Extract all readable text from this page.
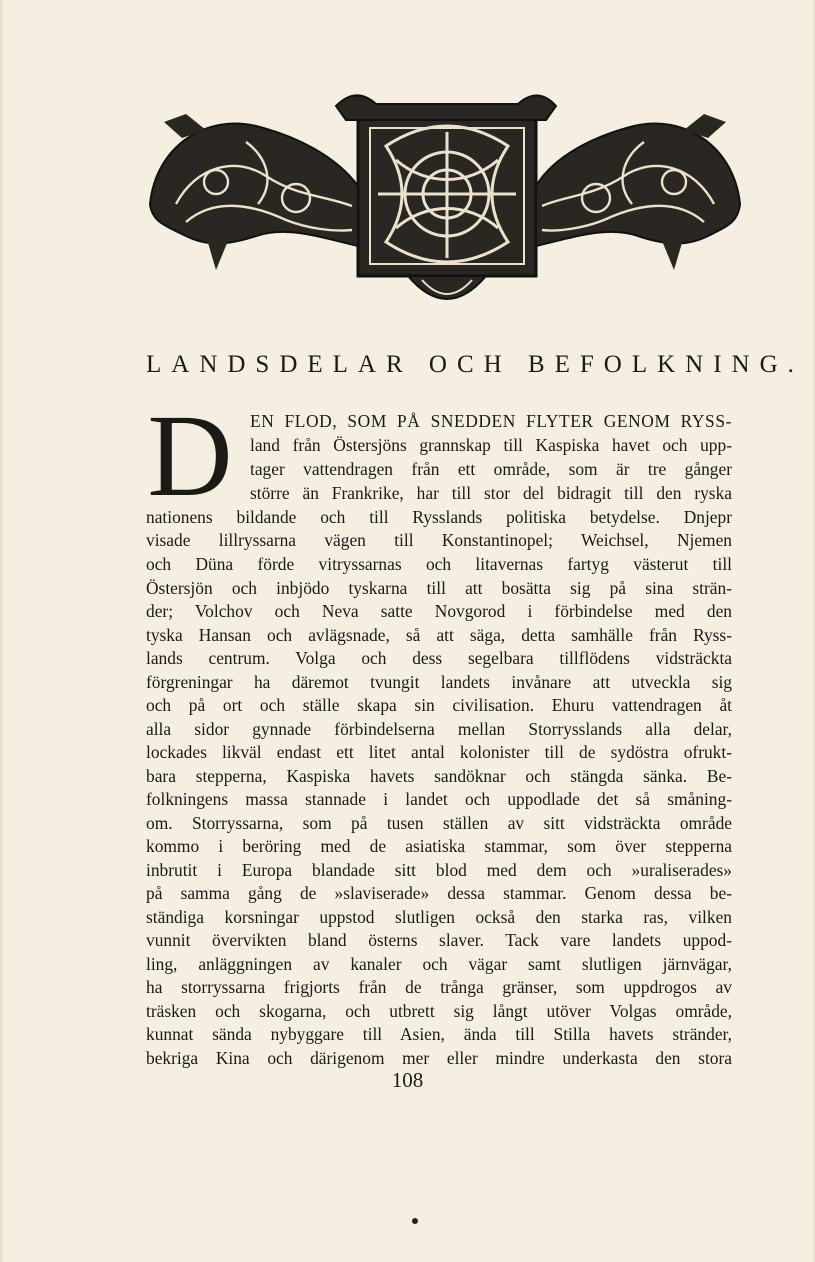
LANDSDELAR OCH BEFOLKNING.
D EN FLOD, SOM PÅ SNEDDEN FLYTER GENOM RYSS-
land från Östersjöns grannskap till Kaspiska havet och upp-
tager vattendragen från ett område, som är tre gånger
större än Frankrike, har till stor del bidragit till den ryska
nationens bildande och till Rysslands politiska betydelse. Dnjepr
visade lillryssarna vägen till Konstantinopel; Weichsel, Njemen
och Düna förde vitryssarnas och litavernas fartyg västerut till
Östersjön och inbjödo tyskarna till att bosätta sig på sina strän-
der; Volchov och Neva satte Novgorod i förbindelse med den
tyska Hansan och avlägsnade, så att säga, detta samhälle från Ryss-
lands centrum. Volga och dess segelbara tillflödens vidsträckta
förgreningar ha däremot tvungit landets invånare att utveckla sig
och på ort och ställe skapa sin civilisation. Ehuru vattendragen åt
alla sidor gynnade förbindelserna mellan Storrysslands alla delar,
lockades likväl endast ett litet antal kolonister till de sydöstra ofrukt-
bara stepperna, Kaspiska havets sandöknar och stängda sänka. Be-
folkningens massa stannade i landet och uppodlade det så småning-
om. Storryssarna, som på tusen ställen av sitt vidsträckta område
kommo i beröring med de asiatiska stammar, som över stepperna
inbrutit i Europa blandade sitt blod med dem och »uraliserades»
på samma gång de »slaviserade» dessa stammar. Genom dessa be-
ständiga korsningar uppstod slutligen också den starka ras, vilken
vunnit övervikten bland österns slaver. Tack vare landets uppod-
ling, anläggningen av kanaler och vägar samt slutligen järnvägar,
ha storryssarna frigjorts från de trånga gränser, som uppdrogos av
träsken och skogarna, och utbrett sig långt utöver Volgas område,
kunnat sända nybyggare till Asien, ända till Stilla havets stränder,
bekriga Kina och därigenom mer eller mindre underkasta den stora
108
